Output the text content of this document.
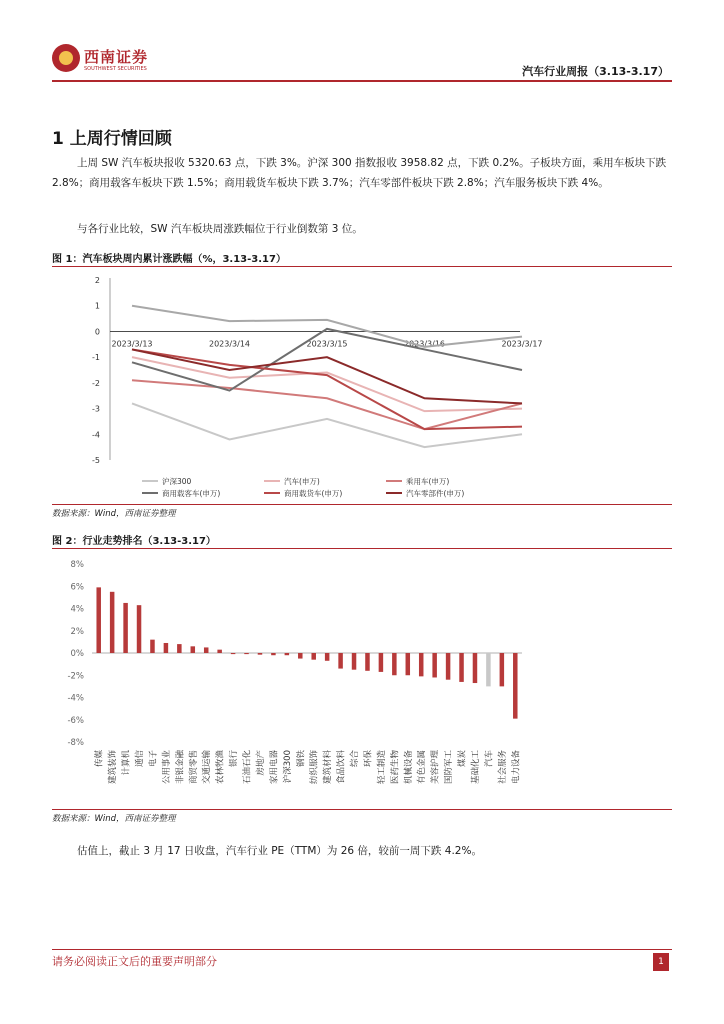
西南证券
SOUTHWEST SECURITIES	汽车行业周报（3.13-3.17）
1 上周行情回顾
上周 SW 汽车板块报收 5320.63 点，下跌 3%。沪深 300 指数报收 3958.82 点，下跌 0.2%。子板块方面，乘用车板块下跌 2.8%；商用载客车板块下跌 1.5%；商用载货车板块下跌 3.7%；汽车零部件板块下跌 2.8%；汽车服务板块下跌 4%。
与各行业比较，SW 汽车板块周涨跌幅位于行业倒数第 3 位。
图 1：汽车板块周内累计涨跌幅（%，3.13-3.17）
2
1
0
-1
-2
-3
-4
-5
2023/3/13	2023/3/14	2023/3/15	2023/3/16	2023/3/17
沪深300	汽车(申万)	乘用车(申万)
商用载客车(申万)	商用载货车(申万)	汽车零部件(申万)
数据来源：Wind，西南证券整理
图 2：行业走势排名（3.13-3.17）
8%
6%
4%
2%
0%
-2%
-4%
-6%
-8%
传媒 建筑装饰 计算机 通信 电子 公用事业 非银金融 商贸零售 交通运输 农林牧渔 银行 石油石化 房地产 家用电器 沪深300 钢铁 纺织服饰 建筑材料 食品饮料 综合 环保 轻工制造 医药生物 机械设备 有色金属 美容护理 国防军工 煤炭 基础化工 汽车 社会服务 电力设备
数据来源：Wind，西南证券整理
估值上，截止 3 月 17 日收盘，汽车行业 PE（TTM）为 26 倍，较前一周下跌 4.2%。
请务必阅读正文后的重要声明部分	1
